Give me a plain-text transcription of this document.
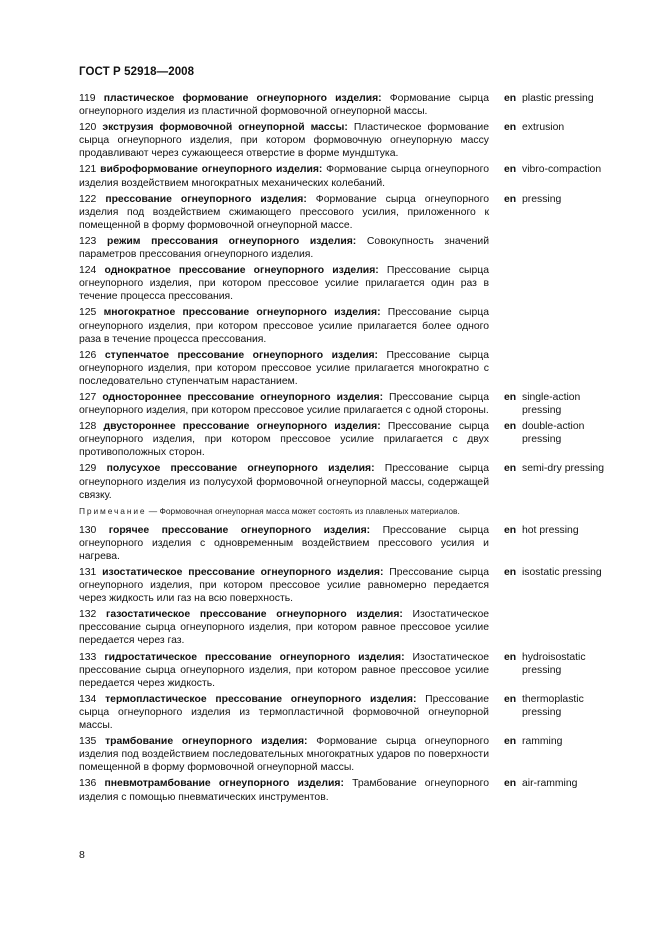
ГОСТ Р 52918—2008
119 пластическое формование огнеупорного изделия: Формование сырца огнеупорного изделия из пластичной формовочной огнеупорной массы.
en plastic pressing
120 экструзия формовочной огнеупорной массы: Пластическое формование сырца огнеупорного изделия, при котором формовочную огнеупорную массу продавливают через сужающееся отверстие в форме мундштука.
en extrusion
121 виброформование огнеупорного изделия: Формование сырца огнеупорного изделия воздействием многократных механических колебаний.
en vibro-compaction
122 прессование огнеупорного изделия: Формование сырца огнеупорного изделия под воздействием сжимающего прессового усилия, приложенного к помещенной в форму формовочной огнеупорной массе.
en pressing
123 режим прессования огнеупорного изделия: Совокупность значений параметров прессования огнеупорного изделия.
124 однократное прессование огнеупорного изделия: Прессование сырца огнеупорного изделия, при котором прессовое усилие прилагается один раз в течение процесса прессования.
125 многократное прессование огнеупорного изделия: Прессование сырца огнеупорного изделия, при котором прессовое усилие прилагается более одного раза в течение процесса прессования.
126 ступенчатое прессование огнеупорного изделия: Прессование сырца огнеупорного изделия, при котором прессовое усилие прилагается многократно с последовательно ступенчатым нарастанием.
127 одностороннее прессование огнеупорного изделия: Прессование сырца огнеупорного изделия, при котором прессовое усилие прилагается с одной стороны.
en single-action pressing
128 двустороннее прессование огнеупорного изделия: Прессование сырца огнеупорного изделия, при котором прессовое усилие прилагается с двух противоположных сторон.
en double-action pressing
129 полусухое прессование огнеупорного изделия: Прессование сырца огнеупорного изделия из полусухой формовочной огнеупорной массы, содержащей связку.
en semi-dry pressing
Примечание — Формовочная огнеупорная масса может состоять из плавленых материалов.
130 горячее прессование огнеупорного изделия: Прессование сырца огнеупорного изделия с одновременным воздействием прессового усилия и нагрева.
en hot pressing
131 изостатическое прессование огнеупорного изделия: Прессование сырца огнеупорного изделия, при котором прессовое усилие равномерно передается через жидкость или газ на всю поверхность.
en isostatic pressing
132 газостатическое прессование огнеупорного изделия: Изостатическое прессование сырца огнеупорного изделия, при котором равное прессовое усилие передается через газ.
133 гидростатическое прессование огнеупорного изделия: Изостатическое прессование сырца огнеупорного изделия, при котором равное прессовое усилие передается через жидкость.
en hydroisostatic pressing
134 термопластическое прессование огнеупорного изделия: Прессование сырца огнеупорного изделия из термопластичной формовочной огнеупорной массы.
en thermoplastic pressing
135 трамбование огнеупорного изделия: Формование сырца огнеупорного изделия под воздействием последовательных многократных ударов по поверхности помещенной в форму формовочной огнеупорной массы.
en ramming
136 пневмотрамбование огнеупорного изделия: Трамбование огнеупорного изделия с помощью пневматических инструментов.
en air-ramming
8
